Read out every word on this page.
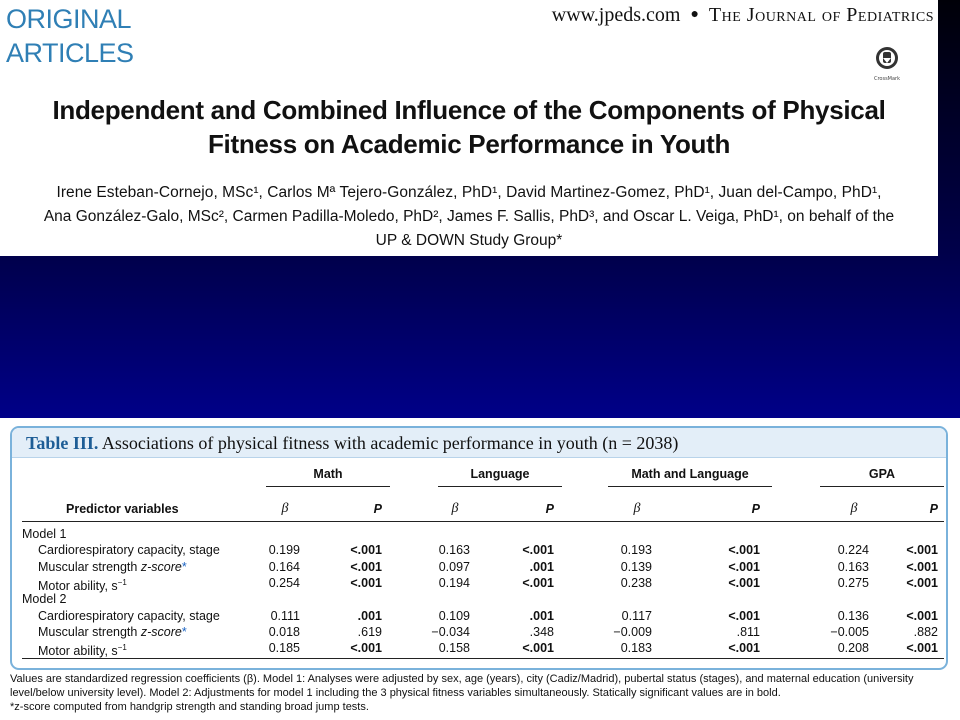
ORIGINAL
ARTICLES
www.jpeds.com ● The Journal of Pediatrics
CrossMark
Independent and Combined Influence of the Components of Physical
Fitness on Academic Performance in Youth
Irene Esteban-Cornejo, MSc¹, Carlos Mª Tejero-González, PhD¹, David Martinez-Gomez, PhD¹, Juan del-Campo, PhD¹,
Ana González-Galo, MSc², Carmen Padilla-Moledo, PhD², James F. Sallis, PhD³, and Oscar L. Veiga, PhD¹, on behalf of the
UP & DOWN Study Group*
Table III. Associations of physical fitness with academic performance in youth (n = 2038)
Math
β	P
Language
β	P
Math and Language
β	P
GPA
β	P
Predictor variables
Model 1
Cardiorespiratory capacity, stage	0.199	<.001	0.163	<.001	0.193	<.001	0.224	<.001
Muscular strength z-score*	0.164	<.001	0.097	.001	0.139	<.001	0.163	<.001
Motor ability, $s^{-1}$	0.254	<.001	0.194	<.001	0.238	<.001	0.275	<.001
Model 2
Cardiorespiratory capacity, stage	0.111	.001	0.109	.001	0.117	<.001	0.136	<.001
Muscular strength z-score*	0.018	.619	−0.034	.348	−0.009	.811	−0.005	.882
Motor ability, $s^{-1}$	0.185	<.001	0.158	<.001	0.183	<.001	0.208	<.001

Values are standardized regression coefficients (β). Model 1: Analyses were adjusted by sex, age (years), city (Cadiz/Madrid), pubertal status (stages), and maternal education (university level/below university level). Model 2: Adjustments for model 1 including the 3 physical fitness variables simultaneously. Statically significant values are in bold.

*z-score computed from handgrip strength and standing broad jump tests.
